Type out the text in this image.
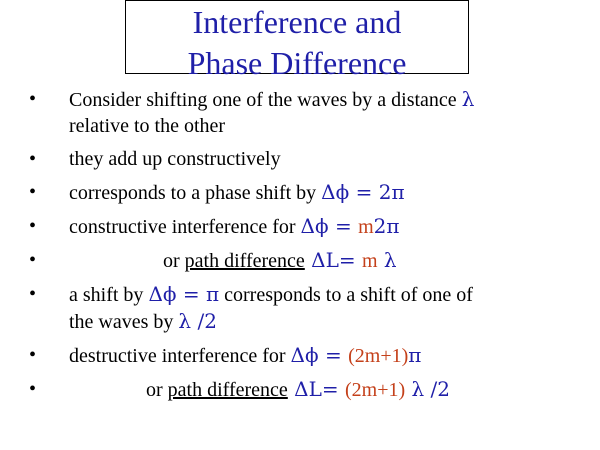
Interference and
Phase Difference
• Consider shifting one of the waves by a distance λ
relative to the other
• they add up constructively
• corresponds to a phase shift by Δϕ = 2π
• constructive interference for Δϕ = m2π
•	or path difference ΔL= m λ
• a shift by Δϕ = π corresponds to a shift of one of
the waves by λ /2
• destructive interference for Δϕ = (2m+1)π
•	or path difference ΔL= (2m+1) λ /2
